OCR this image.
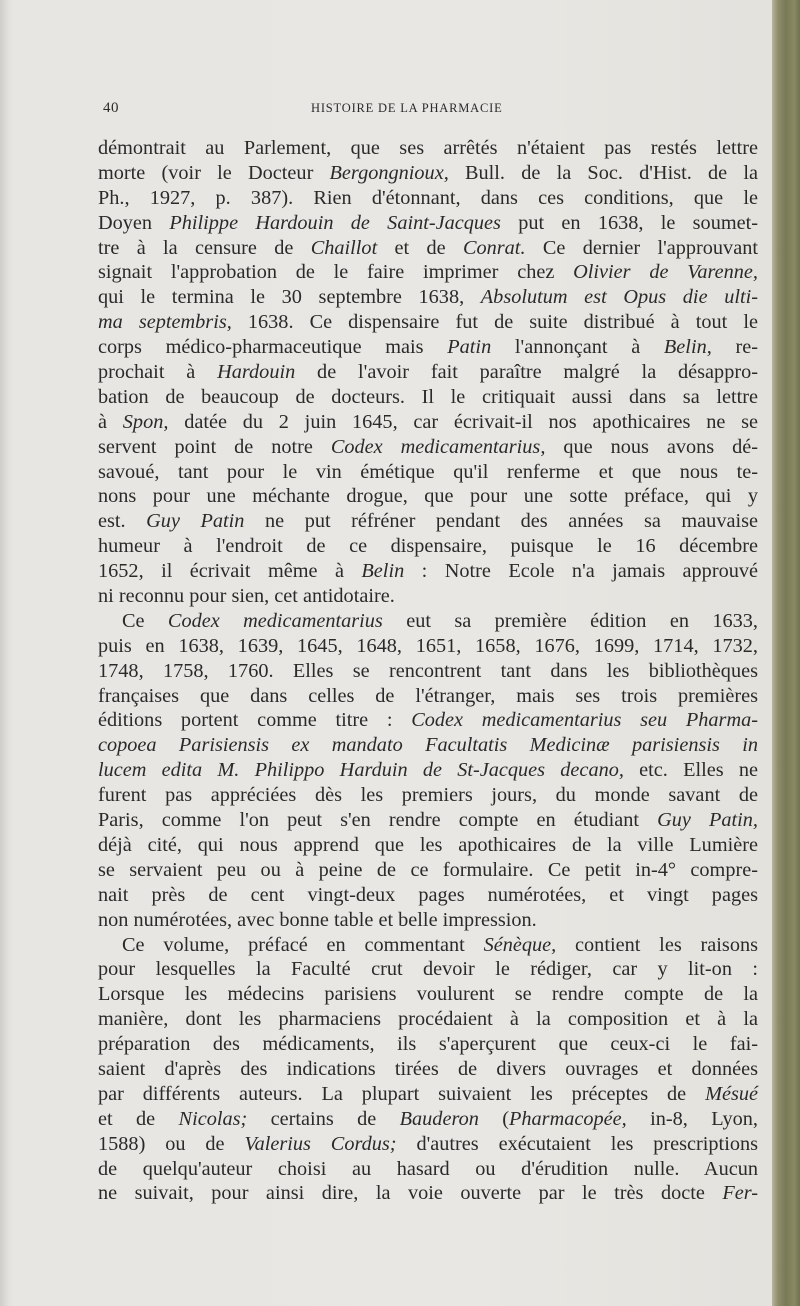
40	HISTOIRE DE LA PHARMACIE
démontrait au Parlement, que ses arrêtés n'étaient pas restés lettre
morte (voir le Docteur Bergongnioux, Bull. de la Soc. d'Hist. de la
Ph., 1927, p. 387). Rien d'étonnant, dans ces conditions, que le
Doyen Philippe Hardouin de Saint-Jacques put en 1638, le soumet-
tre à la censure de Chaillot et de Conrat. Ce dernier l'approuvant
signait l'approbation de le faire imprimer chez Olivier de Varenne,
qui le termina le 30 septembre 1638, Absolutum est Opus die ulti-
ma septembris, 1638. Ce dispensaire fut de suite distribué à tout le
corps médico-pharmaceutique mais Patin l'annonçant à Belin, re-
prochait à Hardouin de l'avoir fait paraître malgré la désappro-
bation de beaucoup de docteurs. Il le critiquait aussi dans sa lettre
à Spon, datée du 2 juin 1645, car écrivait-il nos apothicaires ne se
servent point de notre Codex medicamentarius, que nous avons dé-
savoué, tant pour le vin émétique qu'il renferme et que nous te-
nons pour une méchante drogue, que pour une sotte préface, qui y
est. Guy Patin ne put réfréner pendant des années sa mauvaise
humeur à l'endroit de ce dispensaire, puisque le 16 décembre
1652, il écrivait même à Belin : Notre Ecole n'a jamais approuvé
ni reconnu pour sien, cet antidotaire.
Ce Codex medicamentarius eut sa première édition en 1633,
puis en 1638, 1639, 1645, 1648, 1651, 1658, 1676, 1699, 1714, 1732,
1748, 1758, 1760. Elles se rencontrent tant dans les bibliothèques
françaises que dans celles de l'étranger, mais ses trois premières
éditions portent comme titre : Codex medicamentarius seu Pharma-
copoea Parisiensis ex mandato Facultatis Medicinæ parisiensis in
lucem edita M. Philippo Harduin de St-Jacques decano, etc. Elles ne
furent pas appréciées dès les premiers jours, du monde savant de
Paris, comme l'on peut s'en rendre compte en étudiant Guy Patin,
déjà cité, qui nous apprend que les apothicaires de la ville Lumière
se servaient peu ou à peine de ce formulaire. Ce petit in-4° compre-
nait près de cent vingt-deux pages numérotées, et vingt pages
non numérotées, avec bonne table et belle impression.
Ce volume, préfacé en commentant Sénèque, contient les raisons
pour lesquelles la Faculté crut devoir le rédiger, car y lit-on :
Lorsque les médecins parisiens voulurent se rendre compte de la
manière, dont les pharmaciens procédaient à la composition et à la
préparation des médicaments, ils s'aperçurent que ceux-ci le fai-
saient d'après des indications tirées de divers ouvrages et données
par différents auteurs. La plupart suivaient les préceptes de Mésué
et de Nicolas; certains de Bauderon (Pharmacopée, in-8, Lyon,
1588) ou de Valerius Cordus; d'autres exécutaient les prescriptions
de quelqu'auteur choisi au hasard ou d'érudition nulle. Aucun
ne suivait, pour ainsi dire, la voie ouverte par le très docte Fer-
